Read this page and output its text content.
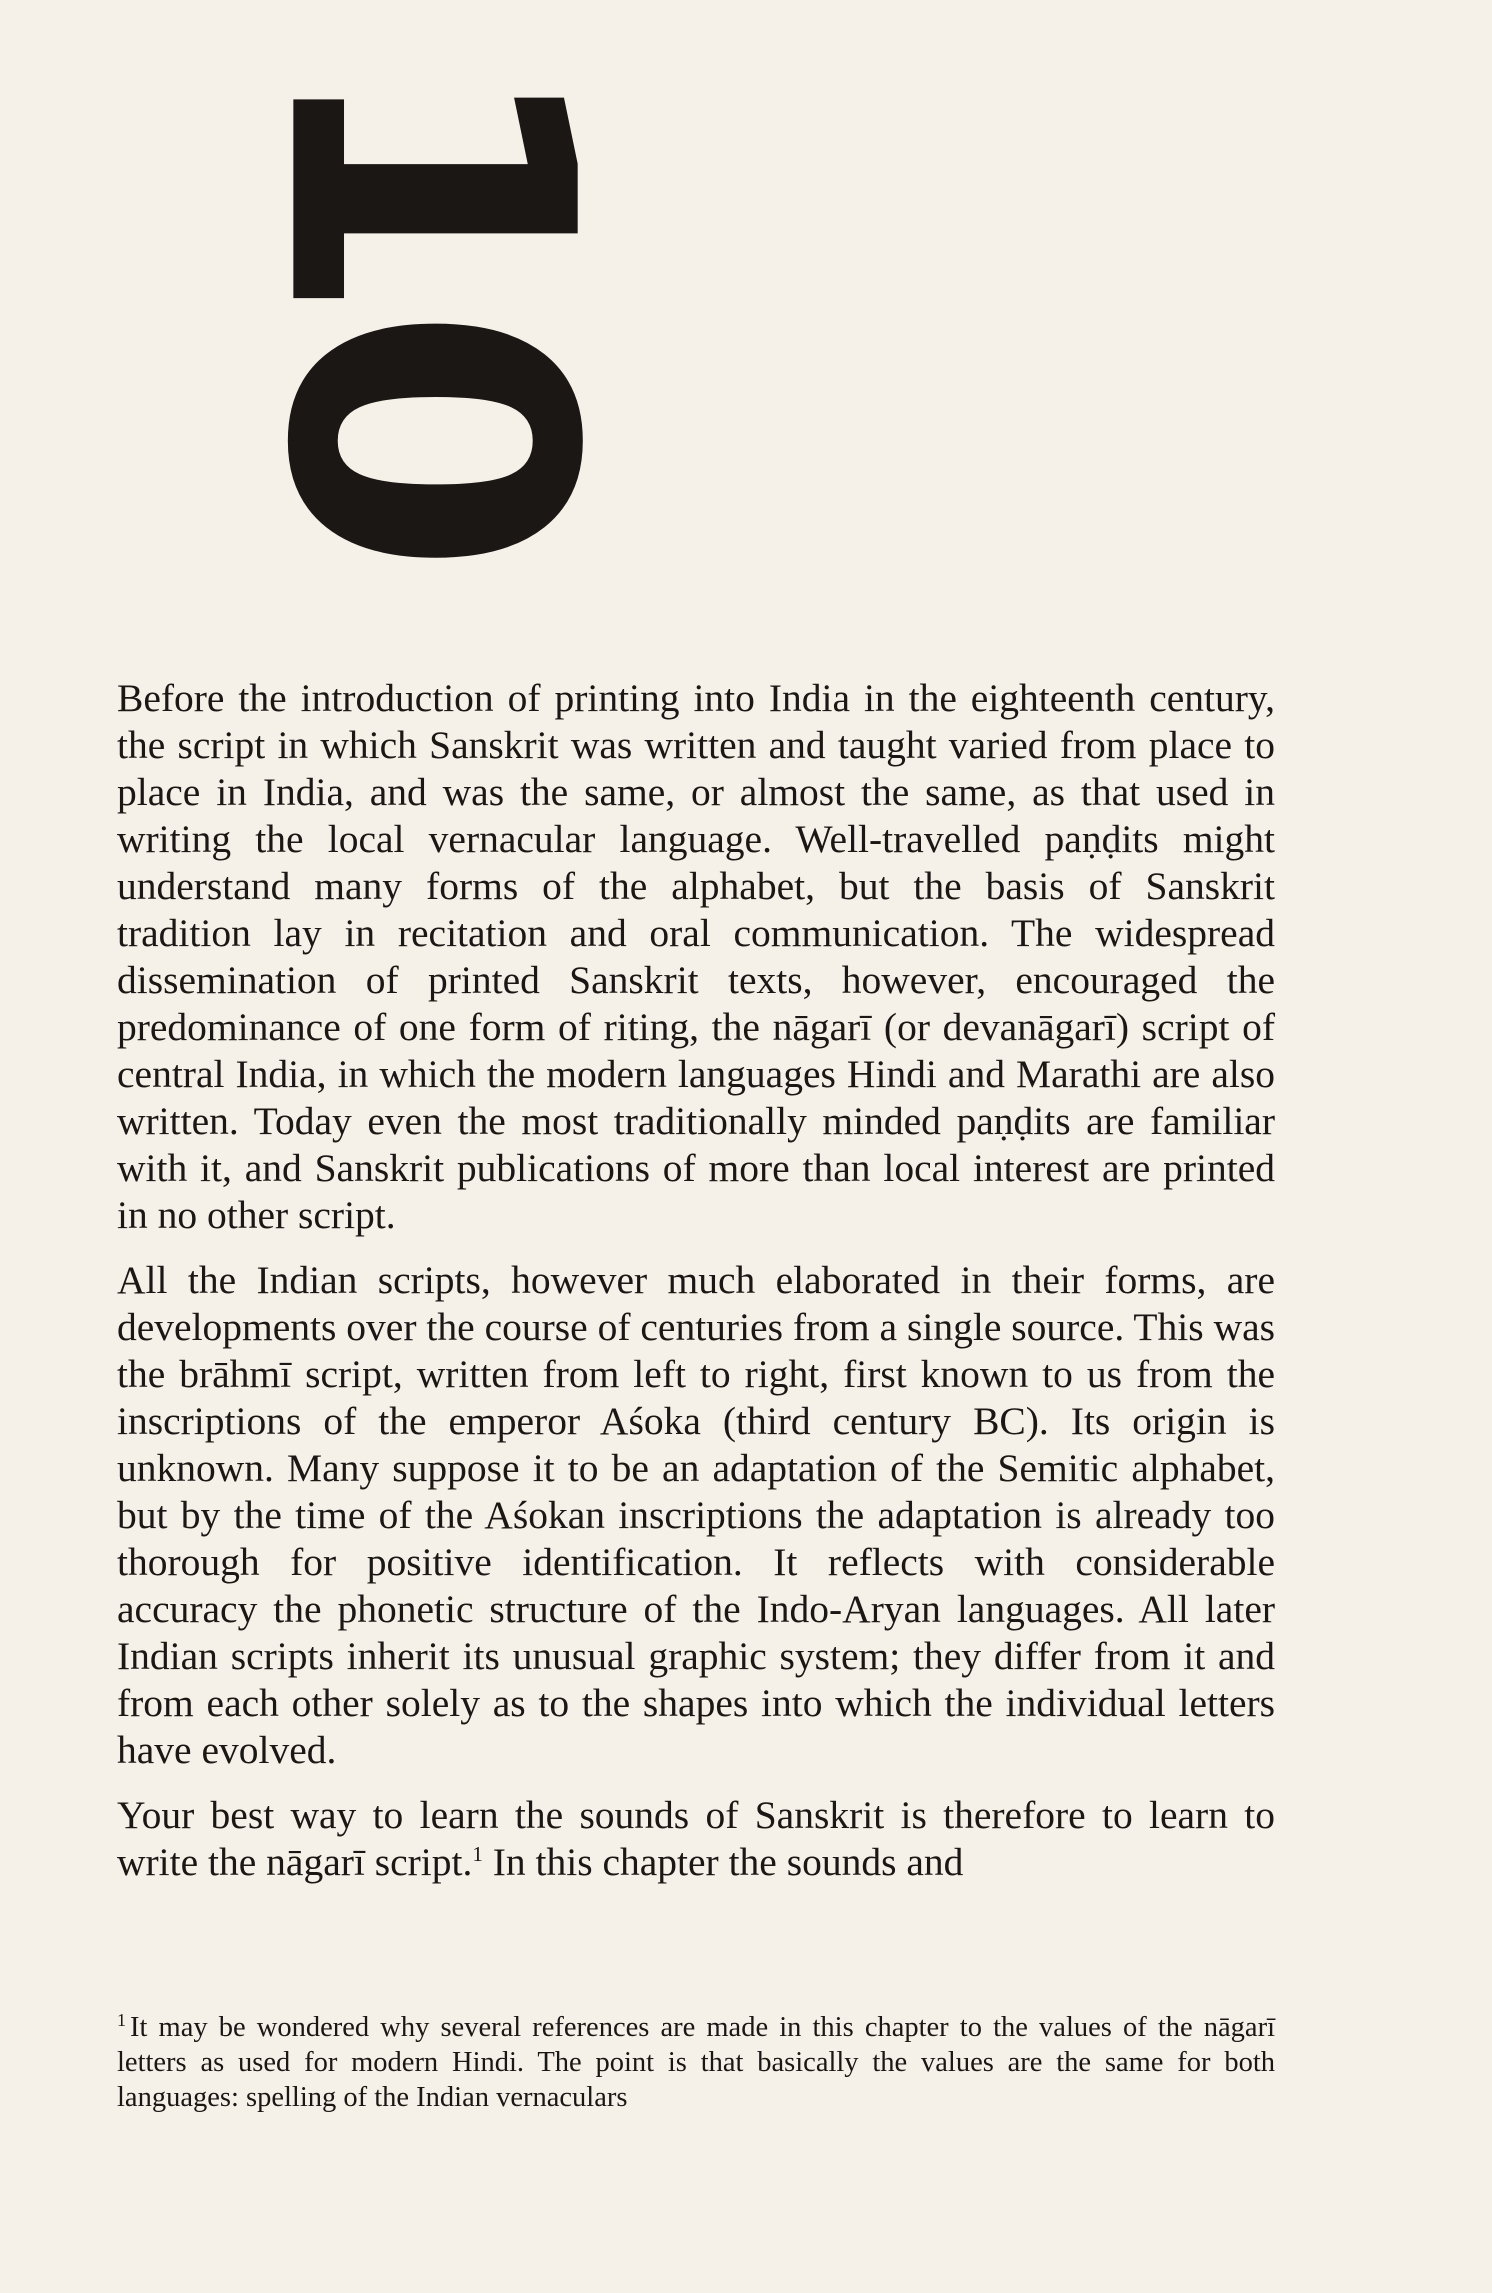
10

Before the introduction of printing into India in the eighteenth century, the script in which Sanskrit was written and taught varied from place to place in India, and was the same, or almost the same, as that used in writing the local vernacular language. Well-travelled paṇḍits might understand many forms of the alphabet, but the basis of Sanskrit tradition lay in recitation and oral communication. The widespread dissemination of printed Sanskrit texts, however, encouraged the predominance of one form of riting, the nāgarī (or devanāgarī) script of central India, in which the modern languages Hindi and Marathi are also written. Today even the most traditionally minded paṇḍits are familiar with it, and Sanskrit publications of more than local interest are printed in no other script.

All the Indian scripts, however much elaborated in their forms, are developments over the course of centuries from a single source. This was the brāhmī script, written from left to right, first known to us from the inscriptions of the emperor Aśoka (third century BC). Its origin is unknown. Many suppose it to be an adaptation of the Semitic alphabet, but by the time of the Aśokan inscriptions the adaptation is already too thorough for positive identification. It reflects with considerable accuracy the phonetic structure of the Indo-Aryan languages. All later Indian scripts inherit its unusual graphic system; they differ from it and from each other solely as to the shapes into which the individual letters have evolved.

Your best way to learn the sounds of Sanskrit is therefore to learn to write the nāgarī script.$^1$ In this chapter the sounds and

$^1$ It may be wondered why several references are made in this chapter to the values of the nāgarī letters as used for modern Hindi. The point is that basically the values are the same for both languages: spelling of the Indian vernaculars
